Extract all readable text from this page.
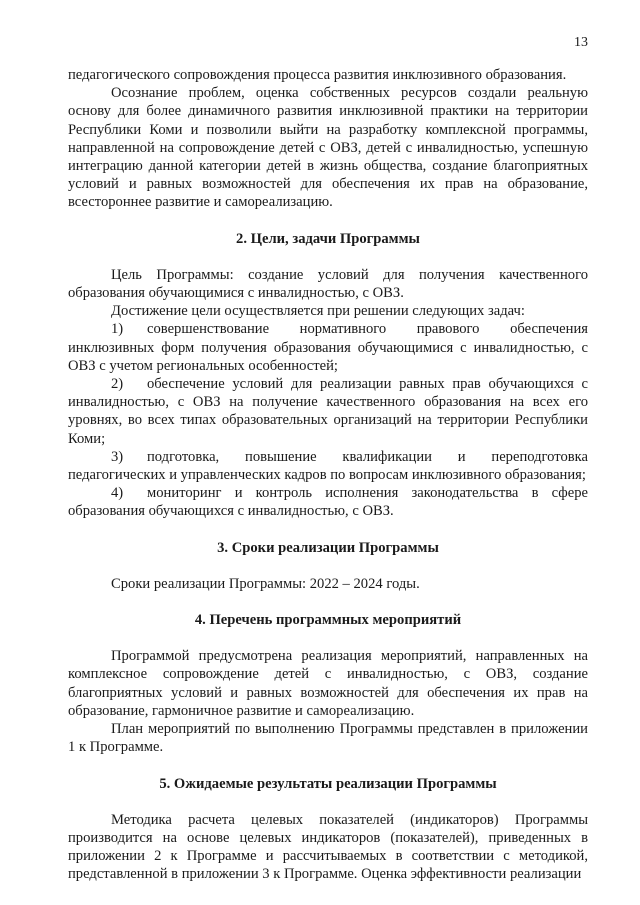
13

педагогического сопровождения процесса развития инклюзивного образования.

Осознание проблем, оценка собственных ресурсов создали реальную основу для более динамичного развития инклюзивной практики на территории Республики Коми и позволили выйти на разработку комплексной программы, направленной на сопровождение детей с ОВЗ, детей с инвалидностью, успешную интеграцию данной категории детей в жизнь общества, создание благоприятных условий и равных возможностей для обеспечения их прав на образование, всестороннее развитие и самореализацию.

2. Цели, задачи Программы

Цель Программы: создание условий для получения качественного образования обучающимися с инвалидностью, с ОВЗ.

Достижение цели осуществляется при решении следующих задач:

1) совершенствование нормативного правового обеспечения инклюзивных форм получения образования обучающимися с инвалидностью, с ОВЗ с учетом региональных особенностей;

2) обеспечение условий для реализации равных прав обучающихся с инвалидностью, с ОВЗ на получение качественного образования на всех его уровнях, во всех типах образовательных организаций на территории Республики Коми;

3) подготовка, повышение квалификации и переподготовка педагогических и управленческих кадров по вопросам инклюзивного образования;

4) мониторинг и контроль исполнения законодательства в сфере образования обучающихся с инвалидностью, с ОВЗ.

3. Сроки реализации Программы

Сроки реализации Программы: 2022 – 2024 годы.

4. Перечень программных мероприятий

Программой предусмотрена реализация мероприятий, направленных на комплексное сопровождение детей с инвалидностью, с ОВЗ, создание благоприятных условий и равных возможностей для обеспечения их прав на образование, гармоничное развитие и самореализацию.

План мероприятий по выполнению Программы представлен в приложении 1 к Программе.

5. Ожидаемые результаты реализации Программы

Методика расчета целевых показателей (индикаторов) Программы производится на основе целевых индикаторов (показателей), приведенных в приложении 2 к Программе и рассчитываемых в соответствии с методикой, представленной в приложении 3 к Программе. Оценка эффективности реализации
